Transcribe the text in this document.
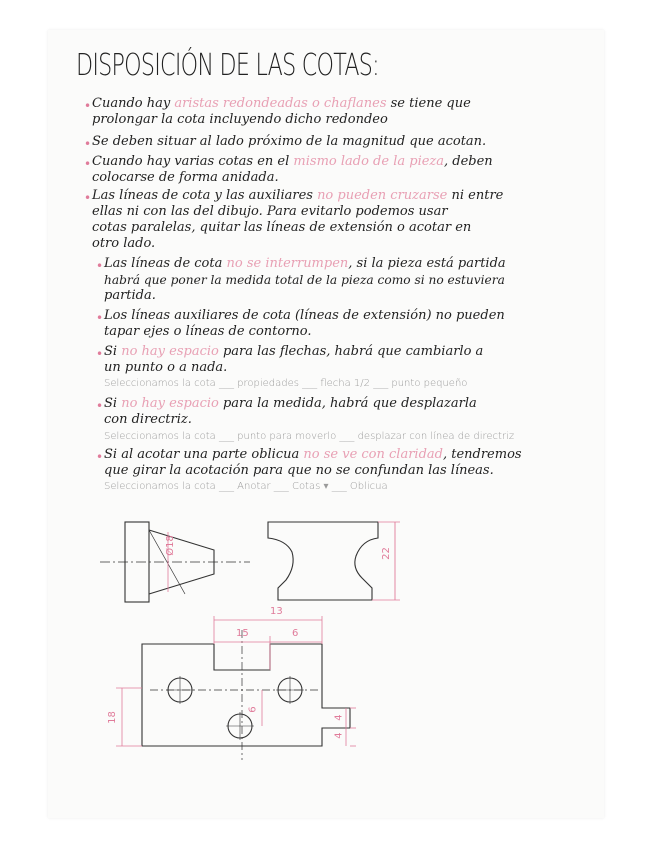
DISPOSICIÓN DE LAS COTAS:
• Cuando hay aristas redondeadas o chaflanes se tiene que
prolongar la cota incluyendo dicho redondeo
• Se deben situar al lado próximo de la magnitud que acotan.
• Cuando hay varias cotas en el mismo lado de la pieza, deben
colocarse de forma anidada.
• Las líneas de cota y las auxiliares no pueden cruzarse ni entre
ellas ni con las del dibujo. Para evitarlo podemos usar
cotas paralelas, quitar las líneas de extensión o acotar en
otro lado.
• Las líneas de cota no se interrumpen, si la pieza está partida
habrá que poner la medida total de la pieza como si no estuviera
partida.
• Los líneas auxiliares de cota (líneas de extensión) no pueden
tapar ejes o líneas de contorno.
• Si no hay espacio para las flechas, habrá que cambiarlo a
un punto o a nada.
Seleccionamos la cota ___ propiedades ___ flecha 1/2 ___ punto pequeño
• Si no hay espacio para la medida, habrá que desplazarla
con directriz.
Seleccionamos la cota ___ punto para moverlo ___ desplazar con línea de directriz
• Si al acotar una parte oblicua no se ve con claridad, tendremos
que girar la acotación para que no se confundan las líneas.
Seleccionamos la cota ___ Anotar ___ Cotas ▾ ___ Oblicua
Ø18	22
13
15	6
18
6
4
4
